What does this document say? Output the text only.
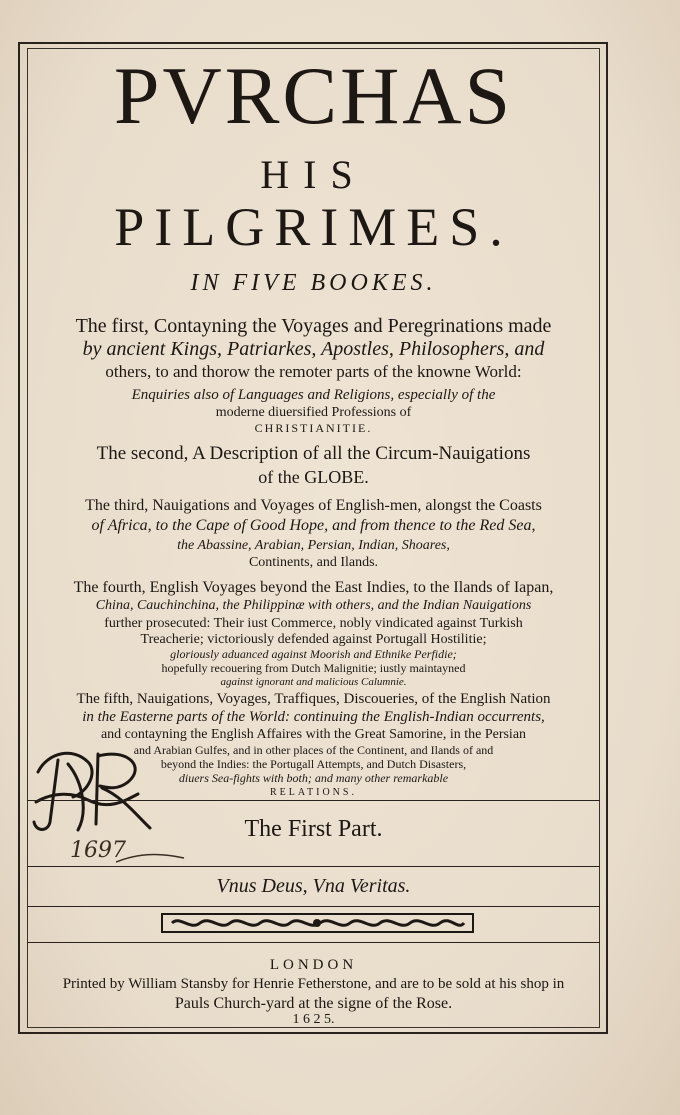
PVRCHAS
HIS
PILGRIMES.
IN FIVE BOOKES.
The first, Contayning the Voyages and Peregrinations made
by ancient Kings, Patriarkes, Apostles, Philosophers, and
others, to and thorow the remoter parts of the knowne World:
Enquiries also of Languages and Religions, especially of the
moderne diuersified Professions of
CHRISTIANITIE.
The second, A Description of all the Circum-Nauigations
of the GLOBE.
The third, Nauigations and Voyages of English-men, alongst the Coasts
of Africa, to the Cape of Good Hope, and from thence to the Red Sea,
the Abassine, Arabian, Persian, Indian, Shoares,
Continents, and Ilands.
The fourth, English Voyages beyond the East Indies, to the Ilands of Iapan,
China, Cauchinchina, the Philippinæ with others, and the Indian Nauigations
further prosecuted: Their iust Commerce, nobly vindicated against Turkish
Treacherie; victoriously defended against Portugall Hostilitie;
gloriously aduanced against Moorish and Ethnike Perfidie;
hopefully recouering from Dutch Malignitie; iustly maintayned
against ignorant and malicious Calumnie.
The fifth, Nauigations, Voyages, Traffiques, Discoueries, of the English Nation
in the Easterne parts of the World: continuing the English-Indian occurrents,
and contayning the English Affaires with the Great Samorine, in the Persian
and Arabian Gulfes, and in other places of the Continent, and Ilands of and
beyond the Indies: the Portugall Attempts, and Dutch Disasters,
diuers Sea-fights with both; and many other remarkable
RELATIONS.
The First Part.
1697
Vnus Deus, Vna Veritas.
LONDON
Printed by William Stansby for Henrie Fetherstone, and are to be sold at his shop in
Pauls Church-yard at the signe of the Rose.
1 6 2 5.
